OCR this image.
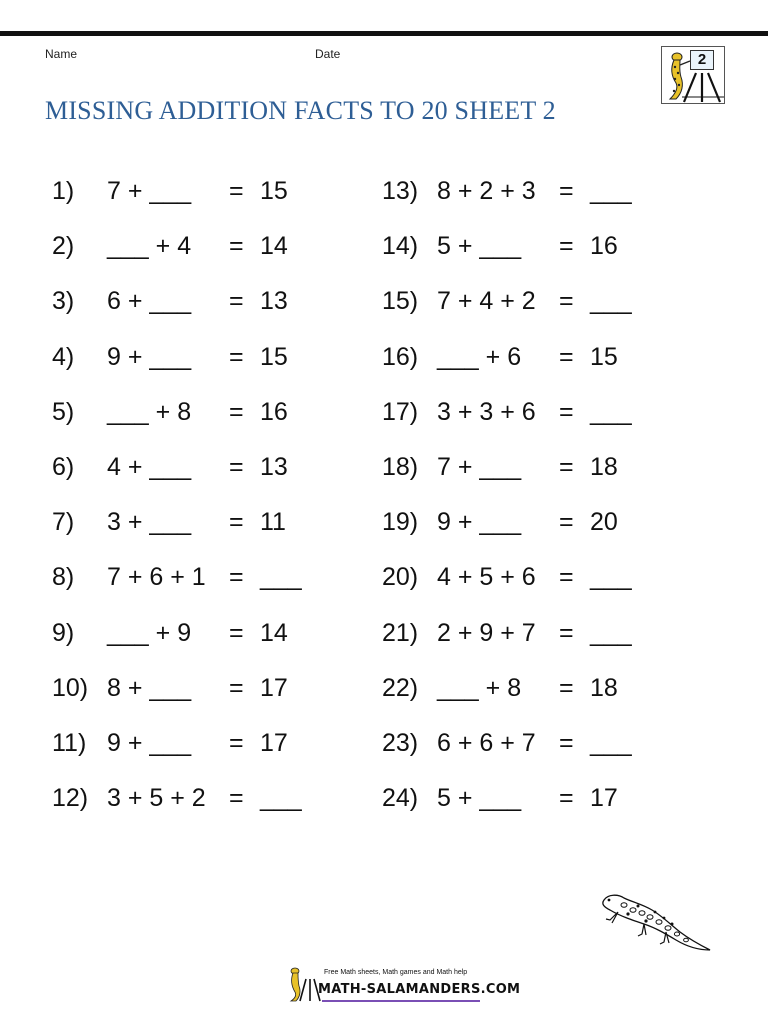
Name	Date
MISSING ADDITION FACTS TO 20 SHEET 2
2
1) 7 + ___ = 15
2) ___ + 4 = 14
3) 6 + ___ = 13
4) 9 + ___ = 15
5) ___ + 8 = 16
6) 4 + ___ = 13
7) 3 + ___ = 11
8) 7 + 6 + 1 = ___
9) ___ + 9 = 14
10) 8 + ___ = 17
11) 9 + ___ = 17
12) 3 + 5 + 2 = ___
13) 8 + 2 + 3 = ___
14) 5 + ___ = 16
15) 7 + 4 + 2 = ___
16) ___ + 6 = 15
17) 3 + 3 + 6 = ___
18) 7 + ___ = 18
19) 9 + ___ = 20
20) 4 + 5 + 6 = ___
21) 2 + 9 + 7 = ___
22) ___ + 8 = 18
23) 6 + 6 + 7 = ___
24) 5 + ___ = 17
Free Math sheets, Math games and Math help
MATH-SALAMANDERS.COM
